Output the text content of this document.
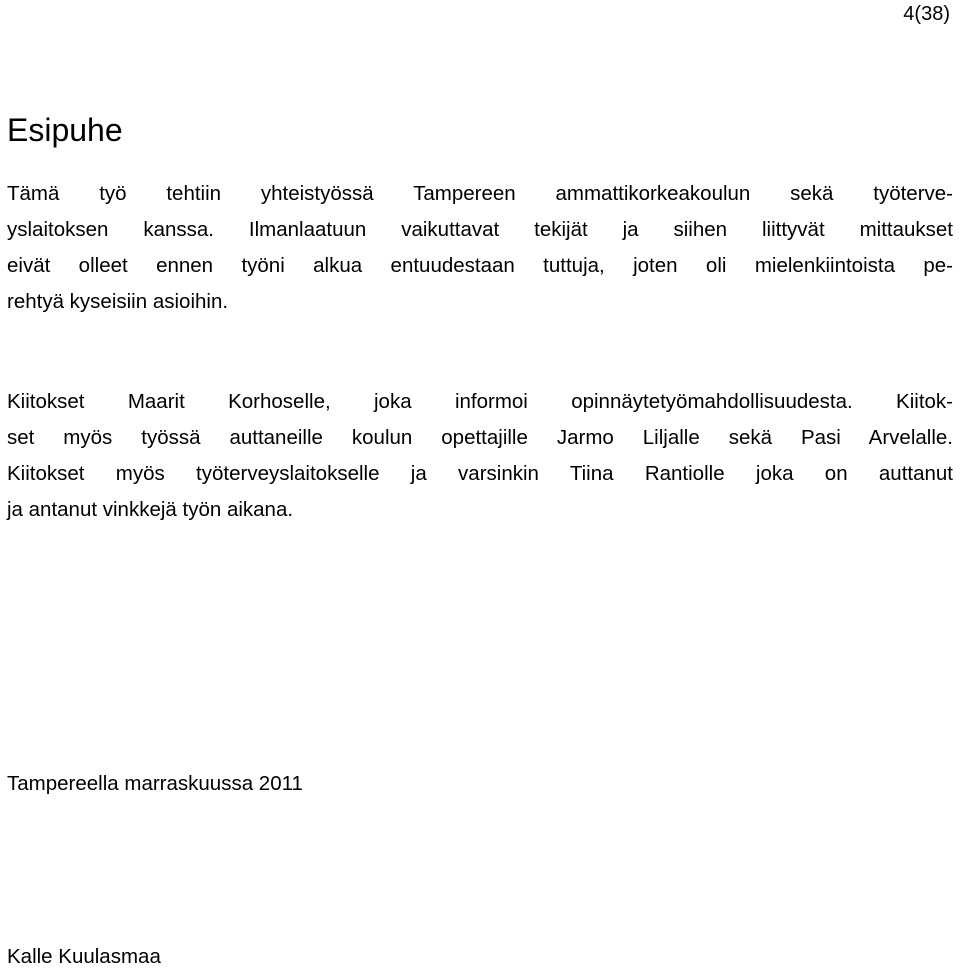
4(38)
Esipuhe

Tämä työ tehtiin yhteistyössä Tampereen ammattikorkeakoulun sekä työterve-
yslaitoksen kanssa. Ilmanlaatuun vaikuttavat tekijät ja siihen liittyvät mittaukset
eivät olleet ennen työni alkua entuudestaan tuttuja, joten oli mielenkiintoista pe-
rehtyä kyseisiin asioihin.

Kiitokset Maarit Korhoselle, joka informoi opinnäytetyömahdollisuudesta. Kiitok-
set myös työssä auttaneille koulun opettajille Jarmo Liljalle sekä Pasi Arvelalle.
Kiitokset myös työterveyslaitokselle ja varsinkin Tiina Rantiolle joka on auttanut
ja antanut vinkkejä työn aikana.

Tampereella marraskuussa 2011

Kalle Kuulasmaa
